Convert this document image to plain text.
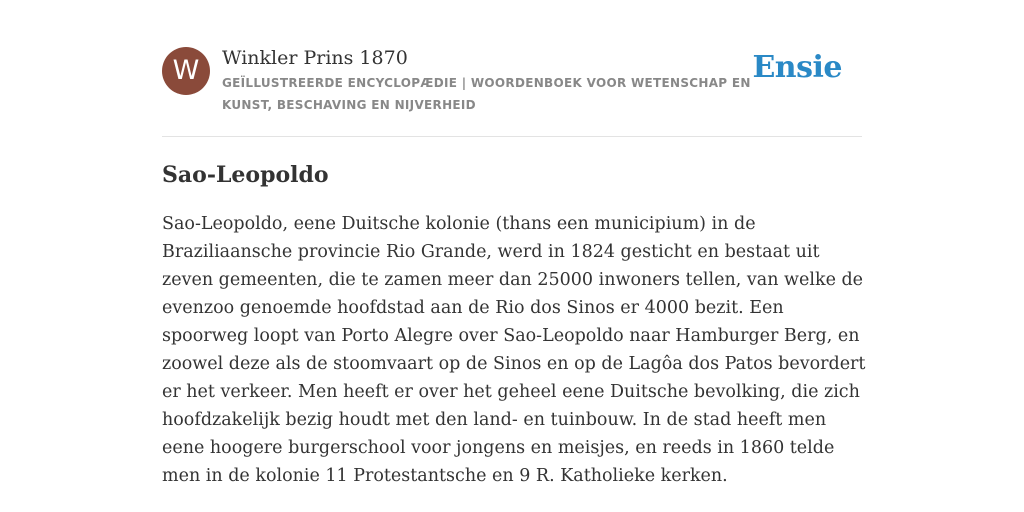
W	Winkler Prins 1870

GEÏLLUSTREERDE ENCYCLOPÆDIE | WOORDENBOEK VOOR WETENSCHAP EN KUNST, BESCHAVING EN NIJVERHEID

Ensie
Sao-Leopoldo

Sao-Leopoldo, eene Duitsche kolonie (thans een municipium) in de Braziliaansche provincie Rio Grande, werd in 1824 gesticht en bestaat uit zeven gemeenten, die te zamen meer dan 25000 inwoners tellen, van welke de evenzoo genoemde hoofdstad aan de Rio dos Sinos er 4000 bezit. Een spoorweg loopt van Porto Alegre over Sao-Leopoldo naar Hamburger Berg, en zoowel deze als de stoomvaart op de Sinos en op de Lagôa dos Patos bevordert er het verkeer. Men heeft er over het geheel eene Duitsche bevolking, die zich hoofdzakelijk bezig houdt met den land- en tuinbouw. In de stad heeft men eene hoogere burgerschool voor jongens en meisjes, en reeds in 1860 telde men in de kolonie 11 Protestantsche en 9 R. Katholieke kerken.
